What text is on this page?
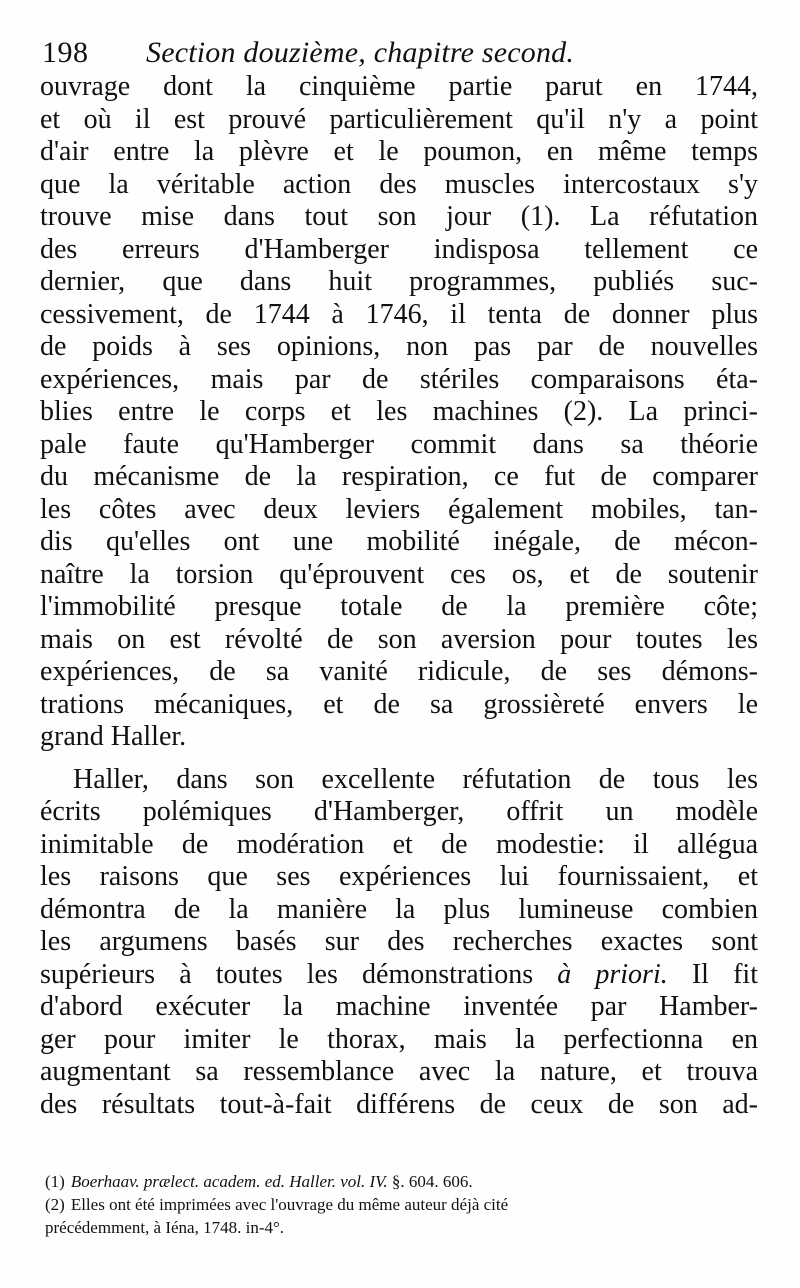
198 Section douzième, chapitre second.
ouvrage dont la cinquième partie parut en 1744,
et où il est prouvé particulièrement qu'il n'y a point
d'air entre la plèvre et le poumon, en même temps
que la véritable action des muscles intercostaux s'y
trouve mise dans tout son jour (1). La réfutation
des erreurs d'Hamberger indisposa tellement ce
dernier, que dans huit programmes, publiés suc-
cessivement, de 1744 à 1746, il tenta de donner plus
de poids à ses opinions, non pas par de nouvelles
expériences, mais par de stériles comparaisons éta-
blies entre le corps et les machines (2). La princi-
pale faute qu'Hamberger commit dans sa théorie
du mécanisme de la respiration, ce fut de comparer
les côtes avec deux leviers également mobiles, tan-
dis qu'elles ont une mobilité inégale, de mécon-
naître la torsion qu'éprouvent ces os, et de soutenir
l'immobilité presque totale de la première côte;
mais on est révolté de son aversion pour toutes les
expériences, de sa vanité ridicule, de ses démons-
trations mécaniques, et de sa grossièreté envers le
grand Haller.
Haller, dans son excellente réfutation de tous les
écrits polémiques d'Hamberger, offrit un modèle
inimitable de modération et de modestie: il allégua
les raisons que ses expériences lui fournissaient, et
démontra de la manière la plus lumineuse combien
les argumens basés sur des recherches exactes sont
supérieurs à toutes les démonstrations à priori. Il fit
d'abord exécuter la machine inventée par Hamber-
ger pour imiter le thorax, mais la perfectionna en
augmentant sa ressemblance avec la nature, et trouva
des résultats tout-à-fait différens de ceux de son ad-
(1) Boerhaav. prælect. academ. ed. Haller. vol. IV. §. 604. 606.
(2) Elles ont été imprimées avec l'ouvrage du même auteur déjà cité
précédemment, à Iéna, 1748. in-4°.
